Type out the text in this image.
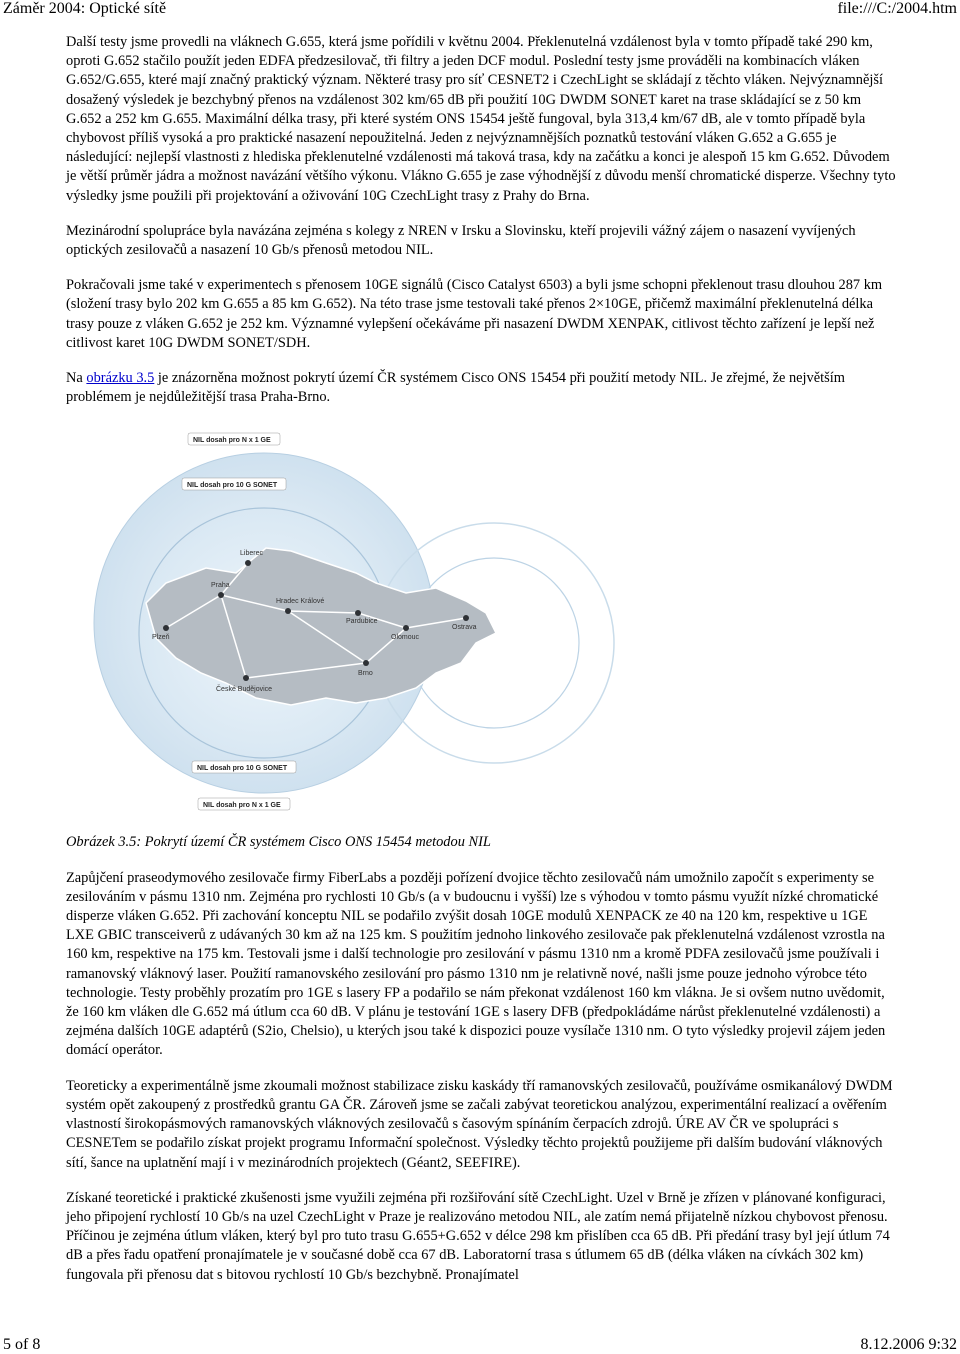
Záměr 2004: Optické sítě	file:///C:/2004.htm

Další testy jsme provedli na vláknech G.655, která jsme pořídili v květnu 2004. Překlenutelná vzdálenost byla v tomto případě také 290 km, oproti G.652 stačilo použít jeden EDFA předzesilovač, tři filtry a jeden DCF modul. Poslední testy jsme prováděli na kombinacích vláken G.652/G.655, které mají značný praktický význam. Některé trasy pro síť CESNET2 i CzechLight se skládají z těchto vláken. Nejvýznamnější dosažený výsledek je bezchybný přenos na vzdálenost 302 km/65 dB při použití 10G DWDM SONET karet na trase skládající se z 50 km G.652 a 252 km G.655. Maximální délka trasy, při které systém ONS 15454 ještě fungoval, byla 313,4 km/67 dB, ale v tomto případě byla chybovost příliš vysoká a pro praktické nasazení nepoužitelná. Jeden z nejvýznamnějších poznatků testování vláken G.652 a G.655 je následující: nejlepší vlastnosti z hlediska překlenutelné vzdálenosti má taková trasa, kdy na začátku a konci je alespoň 15 km G.652. Důvodem je větší průměr jádra a možnost navázání většího výkonu. Vlákno G.655 je zase výhodnější z důvodu menší chromatické disperze. Všechny tyto výsledky jsme použili při projektování a oživování 10G CzechLight trasy z Prahy do Brna.

Mezinárodní spolupráce byla navázána zejména s kolegy z NREN v Irsku a Slovinsku, kteří projevili vážný zájem o nasazení vyvíjených optických zesilovačů a nasazení 10 Gb/s přenosů metodou NIL.

Pokračovali jsme také v experimentech s přenosem 10GE signálů (Cisco Catalyst 6503) a byli jsme schopni překlenout trasu dlouhou 287 km (složení trasy bylo 202 km G.655 a 85 km G.652). Na této trase jsme testovali také přenos 2×10GE, přičemž maximální překlenutelná délka trasy pouze z vláken G.652 je 252 km. Významné vylepšení očekáváme při nasazení DWDM XENPAK, citlivost těchto zařízení je lepší než citlivost karet 10G DWDM SONET/SDH.

Na obrázku 3.5 je znázorněna možnost pokrytí území ČR systémem Cisco ONS 15454 při použití metody NIL. Je zřejmé, že největším problémem je nejdůležitější trasa Praha-Brno.

Liberec
Hradec Králové
Praha
Pardubice
Plzeň
Ostrava
Olomouc
České Budějovice
Brno
NIL dosah pro N x 1 GE
NIL dosah pro 10 G SONET
NIL dosah pro 10 G SONET
NIL dosah pro N x 1 GE

Obrázek 3.5: Pokrytí území ČR systémem Cisco ONS 15454 metodou NIL

Zapůjčení praseodymového zesilovače firmy FiberLabs a později pořízení dvojice těchto zesilovačů nám umožnilo započít s experimenty se zesilováním v pásmu 1310 nm. Zejména pro rychlosti 10 Gb/s (a v budoucnu i vyšší) lze s výhodou v tomto pásmu využít nízké chromatické disperze vláken G.652. Při zachování konceptu NIL se podařilo zvýšit dosah 10GE modulů XENPACK ze 40 na 120 km, respektive u 1GE LXE GBIC transceiverů z udávaných 30 km až na 125 km. S použitím jednoho linkového zesilovače pak překlenutelná vzdálenost vzrostla na 160 km, respektive na 175 km. Testovali jsme i další technologie pro zesilování v pásmu 1310 nm a kromě PDFA zesilovačů jsme používali i ramanovský vláknový laser. Použití ramanovského zesilování pro pásmo 1310 nm je relativně nové, našli jsme pouze jednoho výrobce této technologie. Testy proběhly prozatím pro 1GE s lasery FP a podařilo se nám překonat vzdálenost 160 km vlákna. Je si ovšem nutno uvědomit, že 160 km vláken dle G.652 má útlum cca 60 dB. V plánu je testování 1GE s lasery DFB (předpokládáme nárůst překlenutelné vzdálenosti) a zejména dalších 10GE adaptérů (S2io, Chelsio), u kterých jsou také k dispozici pouze vysílače 1310 nm. O tyto výsledky projevil zájem jeden domácí operátor.

Teoreticky a experimentálně jsme zkoumali možnost stabilizace zisku kaskády tří ramanovských zesilovačů, používáme osmikanálový DWDM systém opět zakoupený z prostředků grantu GA ČR. Zároveň jsme se začali zabývat teoretickou analýzou, experimentální realizací a ověřením vlastností širokopásmových ramanovských vláknových zesilovačů s časovým spínáním čerpacích zdrojů. ÚRE AV ČR ve spolupráci s CESNETem se podařilo získat projekt programu Informační společnost. Výsledky těchto projektů použijeme při dalším budování vláknových sítí, šance na uplatnění mají i v mezinárodních projektech (Géant2, SEEFIRE).

Získané teoretické i praktické zkušenosti jsme využili zejména při rozšiřování sítě CzechLight. Uzel v Brně je zřízen v plánované konfiguraci, jeho připojení rychlostí 10 Gb/s na uzel CzechLight v Praze je realizováno metodou NIL, ale zatím nemá přijatelně nízkou chybovost přenosu. Příčinou je zejména útlum vláken, který byl pro tuto trasu G.655+G.652 v délce 298 km přislíben cca 65 dB. Při předání trasy byl její útlum 74 dB a přes řadu opatření pronajímatele je v současné době cca 67 dB. Laboratorní trasa s útlumem 65 dB (délka vláken na cívkách 302 km) fungovala při přenosu dat s bitovou rychlostí 10 Gb/s bezchybně. Pronajímatel

5 of 8	8.12.2006 9:32
